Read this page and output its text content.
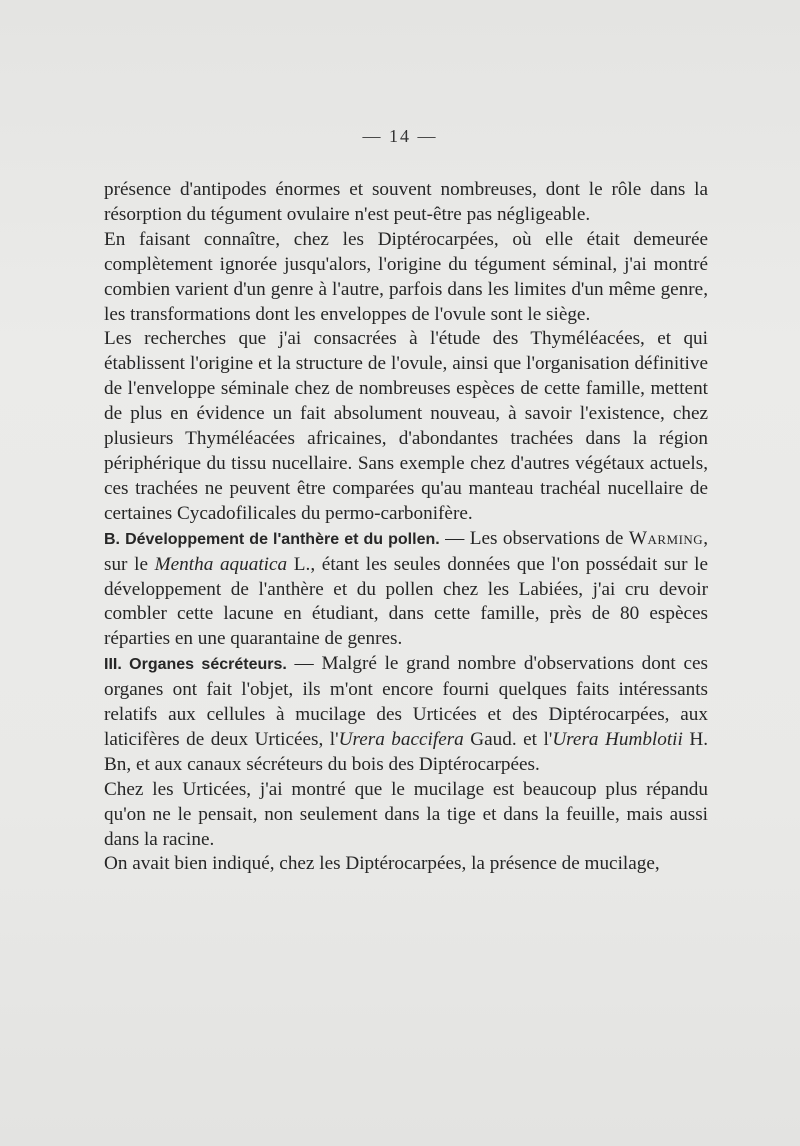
— 14 —

présence d'antipodes énormes et souvent nombreuses, dont le rôle dans la résorption du tégument ovulaire n'est peut-être pas négligeable.

En faisant connaître, chez les Diptérocarpées, où elle était demeurée complètement ignorée jusqu'alors, l'origine du tégument séminal, j'ai montré combien varient d'un genre à l'autre, parfois dans les limites d'un même genre, les transformations dont les enveloppes de l'ovule sont le siège.

Les recherches que j'ai consacrées à l'étude des Thyméléacées, et qui établissent l'origine et la structure de l'ovule, ainsi que l'organisation définitive de l'enveloppe séminale chez de nombreuses espèces de cette famille, mettent de plus en évidence un fait absolument nouveau, à savoir l'existence, chez plusieurs Thyméléacées africaines, d'abondantes trachées dans la région périphérique du tissu nucellaire. Sans exemple chez d'autres végétaux actuels, ces trachées ne peuvent être comparées qu'au manteau trachéal nucellaire de certaines Cycadofilicales du permo-carbonifère.

B. Développement de l'anthère et du pollen. — Les observations de Warming, sur le Mentha aquatica L., étant les seules données que l'on possédait sur le développement de l'anthère et du pollen chez les Labiées, j'ai cru devoir combler cette lacune en étudiant, dans cette famille, près de 80 espèces réparties en une quarantaine de genres.

III. Organes sécréteurs. — Malgré le grand nombre d'observations dont ces organes ont fait l'objet, ils m'ont encore fourni quelques faits intéressants relatifs aux cellules à mucilage des Urticées et des Diptérocarpées, aux laticifères de deux Urticées, l'Urera baccifera Gaud. et l'Urera Humblotii H. Bn, et aux canaux sécréteurs du bois des Diptérocarpées.

Chez les Urticées, j'ai montré que le mucilage est beaucoup plus répandu qu'on ne le pensait, non seulement dans la tige et dans la feuille, mais aussi dans la racine.

On avait bien indiqué, chez les Diptérocarpées, la présence de mucilage,
